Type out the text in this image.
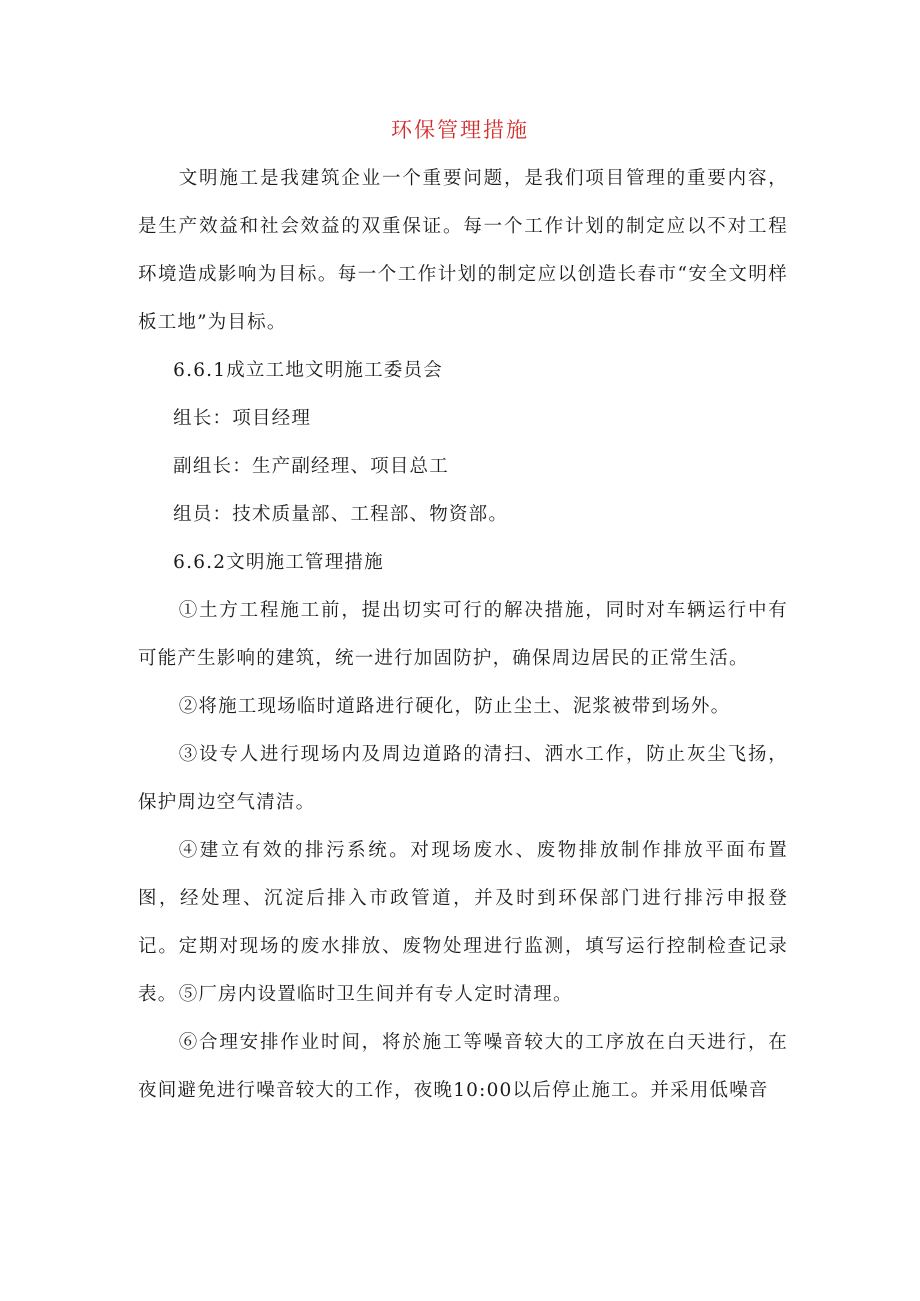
环保管理措施

文明施工是我建筑企业一个重要问题，是我们项目管理的重要内容，是生产效益和社会效益的双重保证。每一个工作计划的制定应以不对工程环境造成影响为目标。每一个工作计划的制定应以创造长春市“安全文明样板工地”为目标。

6.6.1成立工地文明施工委员会

组长：项目经理

副组长：生产副经理、项目总工

组员：技术质量部、工程部、物资部。

6.6.2文明施工管理措施

①土方工程施工前，提出切实可行的解决措施，同时对车辆运行中有可能产生影响的建筑，统一进行加固防护，确保周边居民的正常生活。

②将施工现场临时道路进行硬化，防止尘土、泥浆被带到场外。

③设专人进行现场内及周边道路的清扫、洒水工作，防止灰尘飞扬，保护周边空气清洁。

④建立有效的排污系统。对现场废水、废物排放制作排放平面布置图，经处理、沉淀后排入市政管道，并及时到环保部门进行排污申报登记。定期对现场的废水排放、废物处理进行监测，填写运行控制检查记录表。 ⑤厂房内设置临时卫生间并有专人定时清理。

⑥合理安排作业时间，将於施工等噪音较大的工序放在白天进行，在夜间避免进行噪音较大的工作，夜晚10:00以后停止施工。并采用低噪音
